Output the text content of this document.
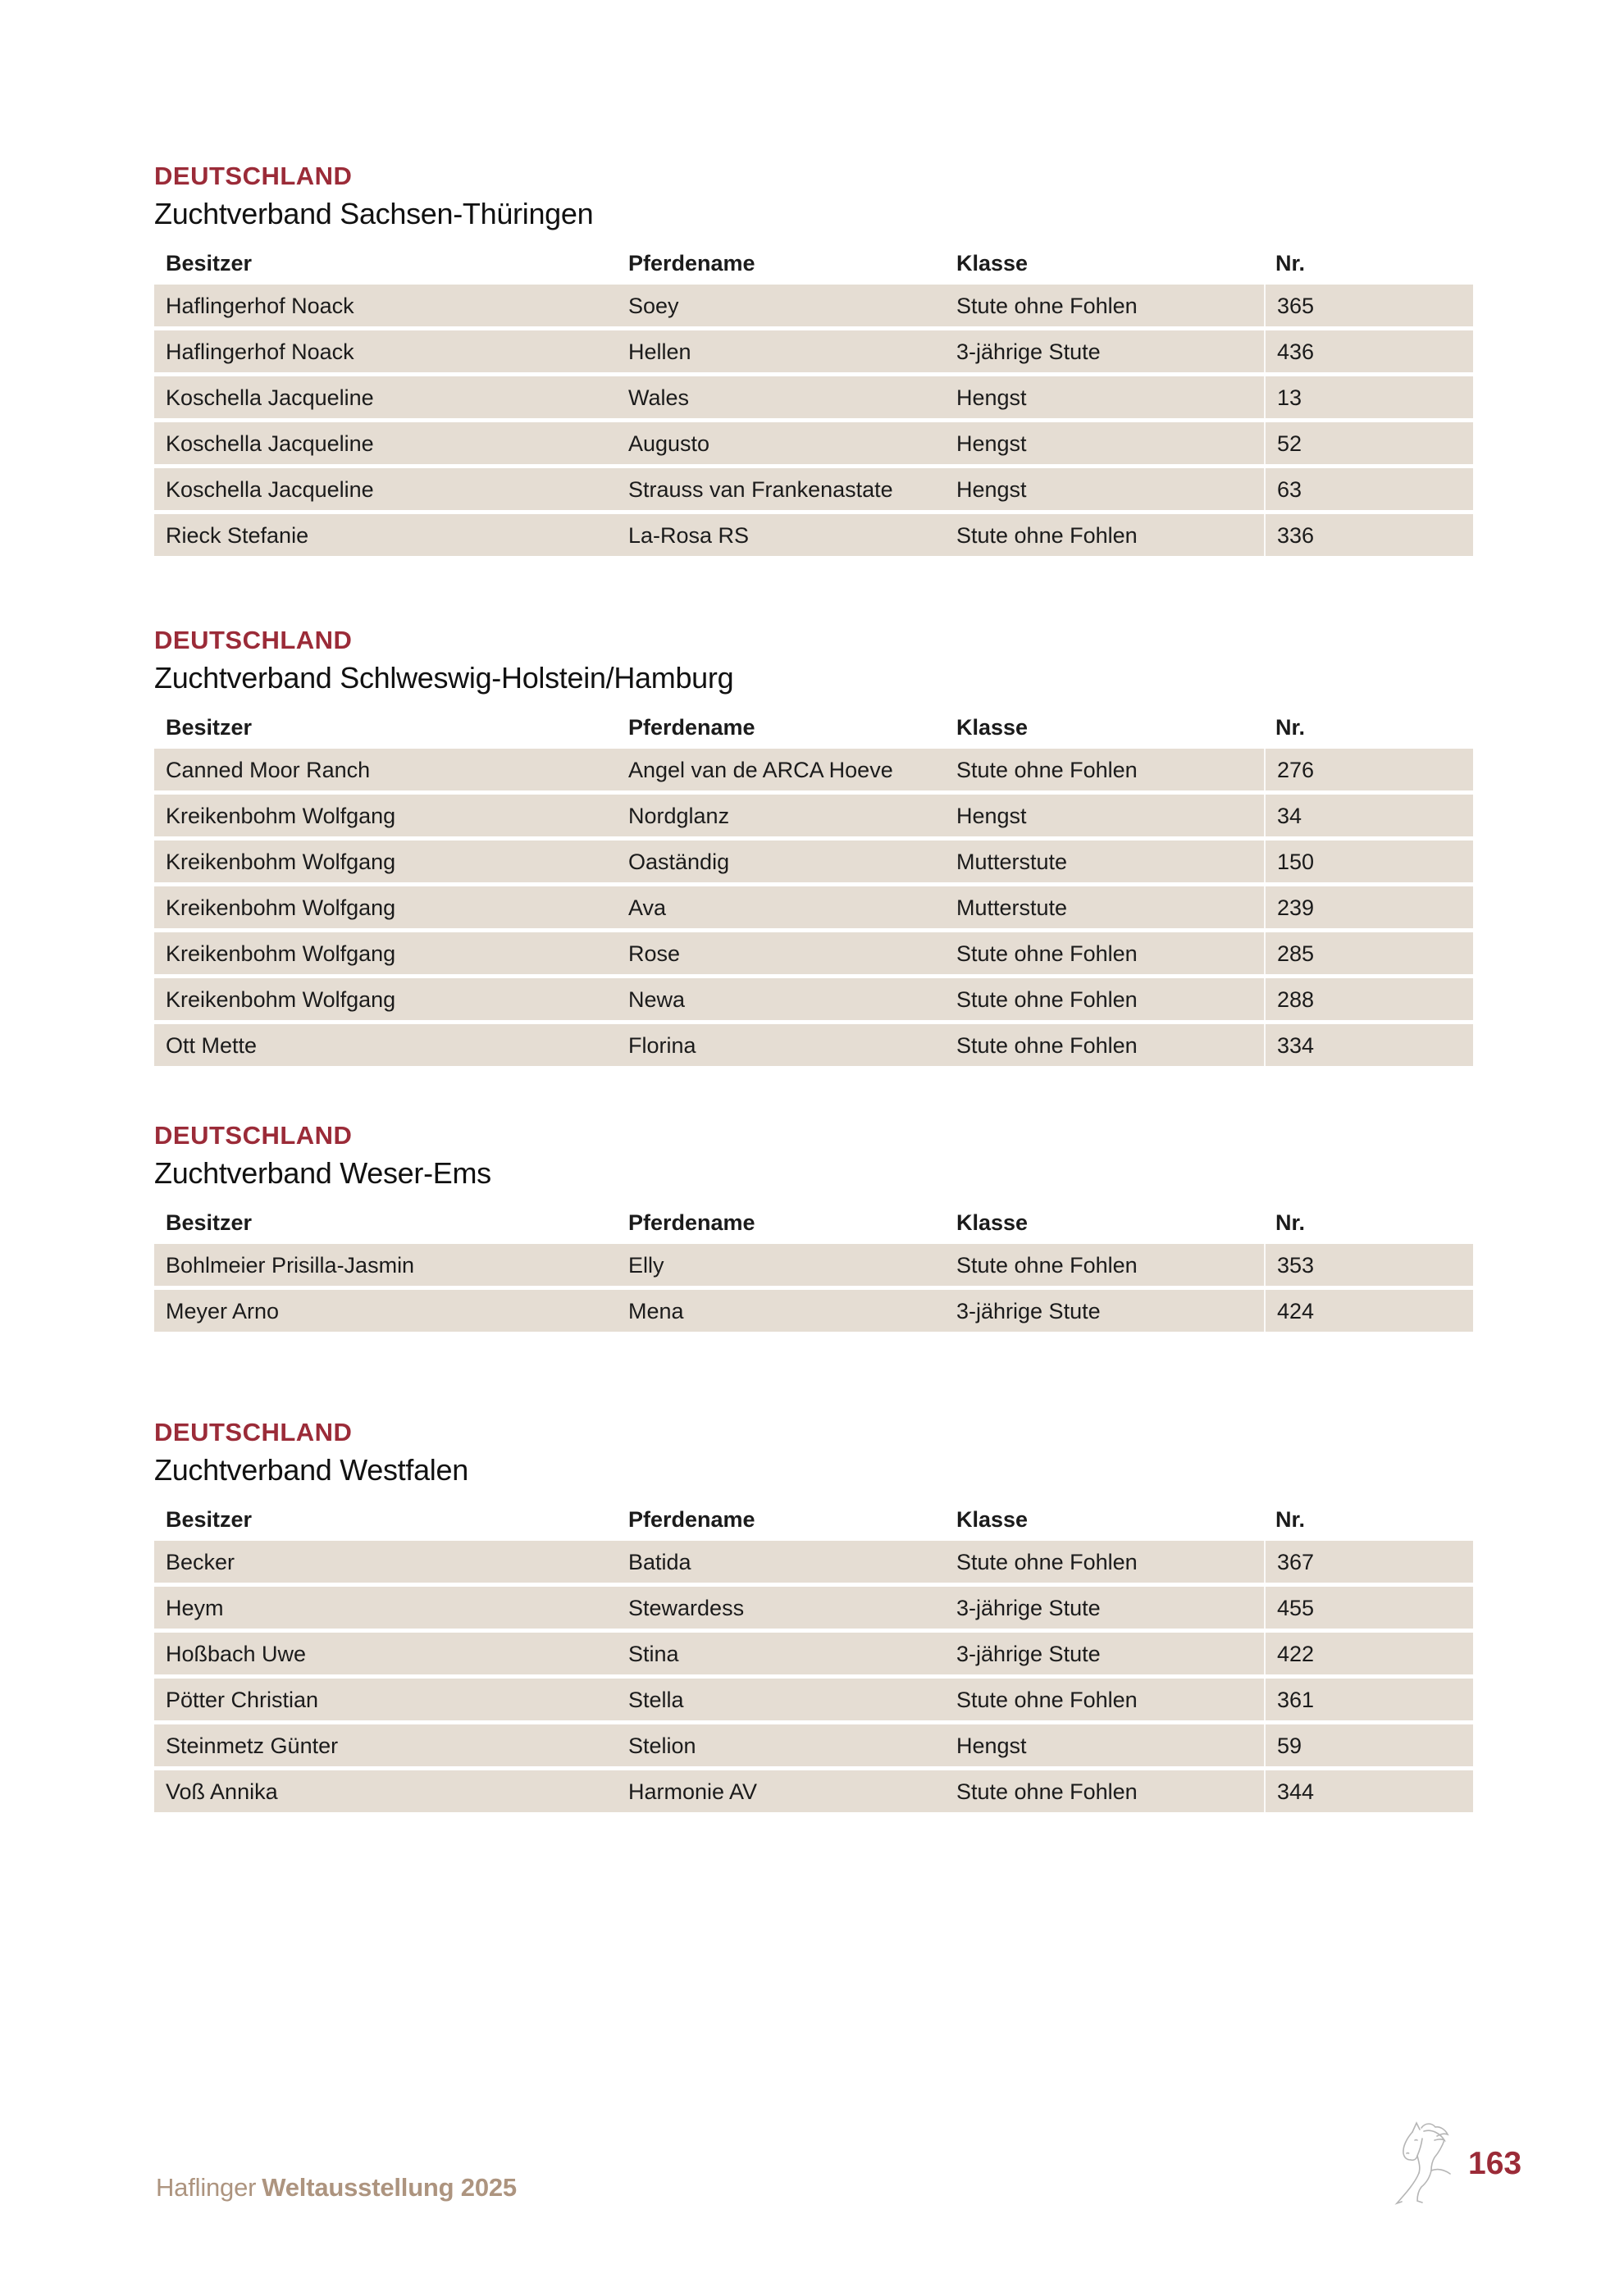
DEUTSCHLAND
Zuchtverband Sachsen-Thüringen
Besitzer	Pferdename	Klasse	Nr.
Haflingerhof Noack	Soey	Stute ohne Fohlen	365
Haflingerhof Noack	Hellen	3-jährige Stute	436
Koschella Jacqueline	Wales	Hengst	13
Koschella Jacqueline	Augusto	Hengst	52
Koschella Jacqueline	Strauss van Frankenastate	Hengst	63
Rieck Stefanie	La-Rosa RS	Stute ohne Fohlen	336
DEUTSCHLAND
Zuchtverband Schlweswig-Holstein/Hamburg
Besitzer	Pferdename	Klasse	Nr.
Canned Moor Ranch	Angel van de ARCA Hoeve	Stute ohne Fohlen	276
Kreikenbohm Wolfgang	Nordglanz	Hengst	34
Kreikenbohm Wolfgang	Oaständig	Mutterstute	150
Kreikenbohm Wolfgang	Ava	Mutterstute	239
Kreikenbohm Wolfgang	Rose	Stute ohne Fohlen	285
Kreikenbohm Wolfgang	Newa	Stute ohne Fohlen	288
Ott Mette	Florina	Stute ohne Fohlen	334
DEUTSCHLAND
Zuchtverband Weser-Ems
Besitzer	Pferdename	Klasse	Nr.
Bohlmeier Prisilla-Jasmin	Elly	Stute ohne Fohlen	353
Meyer Arno	Mena	3-jährige Stute	424
DEUTSCHLAND
Zuchtverband Westfalen
Besitzer	Pferdename	Klasse	Nr.
Becker	Batida	Stute ohne Fohlen	367
Heym	Stewardess	3-jährige Stute	455
Hoßbach Uwe	Stina	3-jährige Stute	422
Pötter Christian	Stella	Stute ohne Fohlen	361
Steinmetz Günter	Stelion	Hengst	59
Voß Annika	Harmonie AV	Stute ohne Fohlen	344
Haflinger Weltausstellung 2025
163
